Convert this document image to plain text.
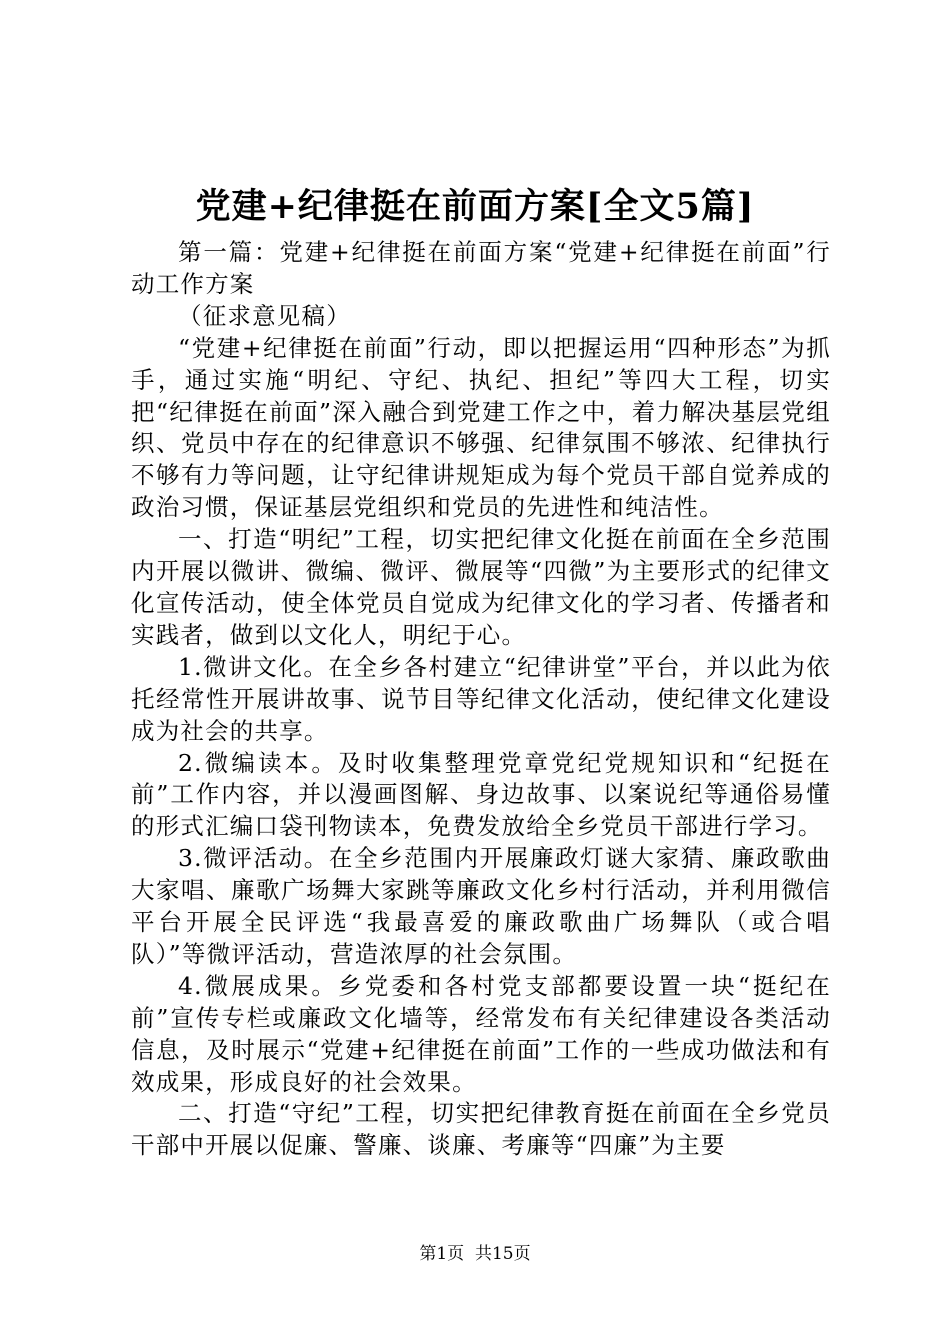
党建+纪律挺在前面方案[全文5篇]

第一篇：党建+纪律挺在前面方案“党建+纪律挺在前面”行动工作方案

（征求意见稿）

“党建+纪律挺在前面”行动，即以把握运用“四种形态”为抓手，通过实施“明纪、守纪、执纪、担纪”等四大工程，切实把“纪律挺在前面”深入融合到党建工作之中，着力解决基层党组织、党员中存在的纪律意识不够强、纪律氛围不够浓、纪律执行不够有力等问题，让守纪律讲规矩成为每个党员干部自觉养成的政治习惯，保证基层党组织和党员的先进性和纯洁性。

一、打造“明纪”工程，切实把纪律文化挺在前面在全乡范围内开展以微讲、微编、微评、微展等“四微”为主要形式的纪律文化宣传活动，使全体党员自觉成为纪律文化的学习者、传播者和实践者，做到以文化人，明纪于心。

1.微讲文化。在全乡各村建立“纪律讲堂”平台，并以此为依托经常性开展讲故事、说节目等纪律文化活动，使纪律文化建设成为社会的共享。

2.微编读本。及时收集整理党章党纪党规知识和“纪挺在前”工作内容，并以漫画图解、身边故事、以案说纪等通俗易懂的形式汇编口袋刊物读本，免费发放给全乡党员干部进行学习。

3.微评活动。在全乡范围内开展廉政灯谜大家猜、廉政歌曲大家唱、廉歌广场舞大家跳等廉政文化乡村行活动，并利用微信平台开展全民评选“我最喜爱的廉政歌曲广场舞队（或合唱队）”等微评活动，营造浓厚的社会氛围。

4.微展成果。乡党委和各村党支部都要设置一块“挺纪在前”宣传专栏或廉政文化墙等，经常发布有关纪律建设各类活动信息，及时展示“党建+纪律挺在前面”工作的一些成功做法和有效成果，形成良好的社会效果。

二、打造“守纪”工程，切实把纪律教育挺在前面在全乡党员干部中开展以促廉、警廉、谈廉、考廉等“四廉”为主要

第1页  共15页
